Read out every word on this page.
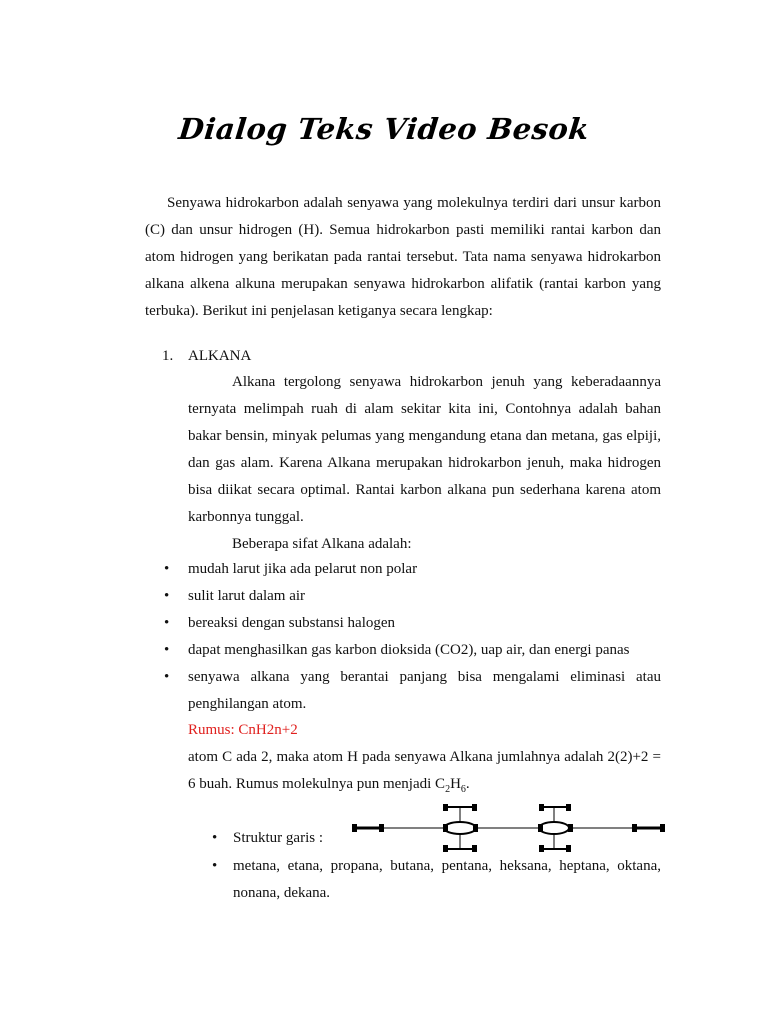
Dialog Teks Video Besok
Senyawa hidrokarbon adalah senyawa yang molekulnya terdiri dari unsur karbon (C) dan unsur hidrogen (H). Semua hidrokarbon pasti memiliki rantai karbon dan atom hidrogen yang berikatan pada rantai tersebut. Tata nama senyawa hidrokarbon alkana alkena alkuna merupakan senyawa hidrokarbon alifatik (rantai karbon yang terbuka). Berikut ini penjelasan ketiganya secara lengkap:
1. ALKANA
Alkana tergolong senyawa hidrokarbon jenuh yang keberadaannya ternyata melimpah ruah di alam sekitar kita ini, Contohnya adalah bahan bakar bensin, minyak pelumas yang mengandung etana dan metana, gas elpiji, dan gas alam. Karena Alkana merupakan hidrokarbon jenuh, maka hidrogen bisa diikat secara optimal. Rantai karbon alkana pun sederhana karena atom karbonnya tunggal.
Beberapa sifat Alkana adalah:
• mudah larut jika ada pelarut non polar
• sulit larut dalam air
• bereaksi dengan substansi halogen
• dapat menghasilkan gas karbon dioksida (CO2), uap air, dan energi panas
• senyawa alkana yang berantai panjang bisa mengalami eliminasi atau penghilangan atom.
Rumus: CnH2n+2
atom C ada 2, maka atom H pada senyawa Alkana jumlahnya adalah 2(2)+2 = 6 buah. Rumus molekulnya pun menjadi $C_2H_6$.
• Struktur garis :
• metana, etana, propana, butana, pentana, heksana, heptana, oktana, nonana, dekana.
